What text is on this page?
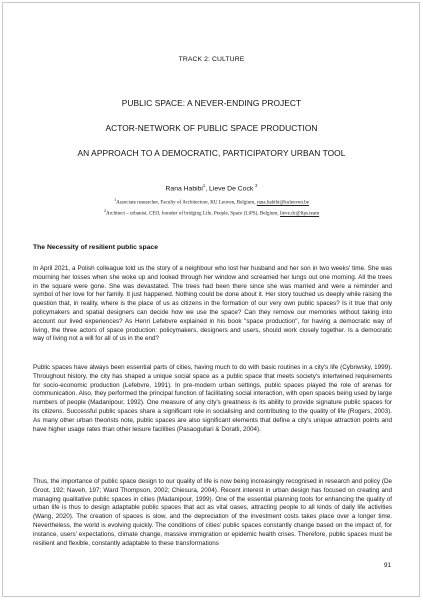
TRACK 2: CULTURE
PUBLIC SPACE: A NEVER-ENDING PROJECT
ACTOR-NETWORK OF PUBLIC SPACE PRODUCTION
AN APPROACH TO A DEMOCRATIC, PARTICIPATORY URBAN TOOL
Rana Habibi$^1$, Lieve De Cock $^2$
$^1$Associate researcher, Faculty of Architecture, KU Leuven, Belgium, rana.habibi@kuleuven.be
$^2$Architect – urbanist, CEO, founder of bridging Life, People, Space (LiPS), Belgium, lieve.dc@lips.team
The Necessity of resilient public space
In April 2021, a Polish colleague told us the story of a neighbour who lost her husband and her son in two weeks' time. She was mourning her losses when she woke up and looked through her window and screamed her lungs out one morning. All the trees in the square were gone. She was devastated. The trees had been there since she was married and were a reminder and symbol of her love for her family. It just happened. Nothing could be done about it. Her story touched us deeply while raising the question that, in reality, where is the place of us as citizens in the formation of our very own public spaces? Is it true that only policymakers and spatial designers can decide how we use the space? Can they remove our memories without taking into account our lived experiences? As Henri Lefebvre explained in his book "space production", for having a democratic way of living, the three actors of space production: policymakers, designers and users, should work closely together. Is a democratic way of living not a will for all of us in the end?
Public spaces have always been essential parts of cities, having much to do with basic routines in a city's life (Cybriwsky, 1999). Throughout history, the city has shaped a unique social space as a public space that meets society's intertwined requirements for socio-economic production (Lefebvre, 1991). In pre-modern urban settings, public spaces played the role of arenas for communication. Also, they performed the principal function of facilitating social interaction, with open spaces being used by large numbers of people (Madanipour, 1992). One measure of any city's greatness is its ability to provide signature public spaces for its citizens. Successful public spaces share a significant role in socialising and contributing to the quality of life (Rogers, 2003). As many other urban theorists note, public spaces are also significant elements that define a city's unique attraction points and have higher usage rates than other leisure facilities (Pasaogullari & Doratli, 2004).
Thus, the importance of public space design to our quality of life is now being increasingly recognised in research and policy (De Groot, 192; Naveh, 197; Ward Thompson, 2002; Chiesura, 2004). Recent interest in urban design has focused on creating and managing qualitative public spaces in cities (Madanipour, 1999). One of the essential planning tools for enhancing the quality of urban life is thus to design adaptable public spaces that act as vital oases, attracting people to all kinds of daily life activities (Wang, 2020). The creation of spaces is slow, and the depreciation of the investment costs takes place over a longer time. Nevertheless, the world is evolving quickly. The conditions of cities' public spaces constantly change based on the impact of, for instance, users' expectations, climate change, massive immigration or epidemic health crises. Therefore, public spaces must be resilient and flexible, constantly adaptable to these transformations
91
